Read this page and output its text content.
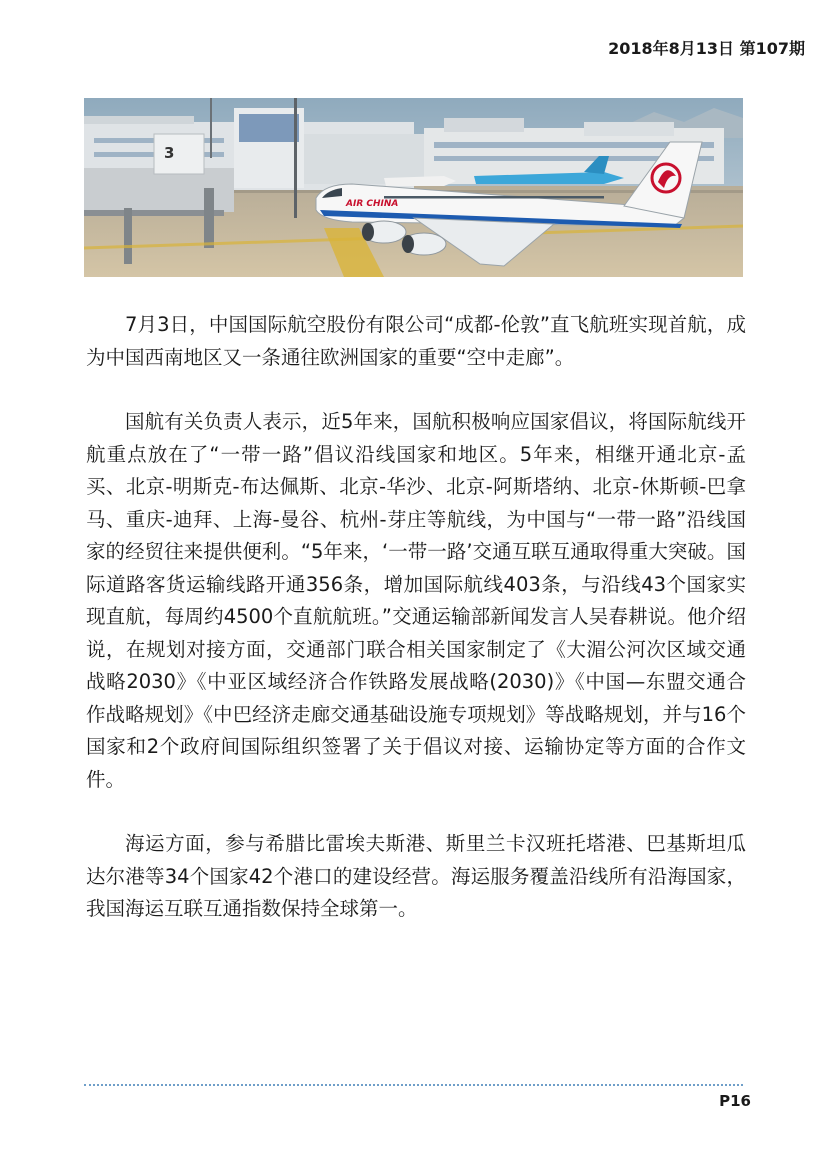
2018年8月13日 第107期
3
AIR CHINA

7月3日，中国国际航空股份有限公司“成都-伦敦”直飞航班实现首航，成为中国西南地区又一条通往欧洲国家的重要“空中走廊”。

国航有关负责人表示，近5年来，国航积极响应国家倡议，将国际航线开航重点放在了“一带一路”倡议沿线国家和地区。5年来，相继开通北京-孟买、北京-明斯克-布达佩斯、北京-华沙、北京-阿斯塔纳、北京-休斯顿-巴拿马、重庆-迪拜、上海-曼谷、杭州-芽庄等航线，为中国与“一带一路”沿线国家的经贸往来提供便利。“5年来，‘一带一路’交通互联互通取得重大突破。国际道路客货运输线路开通356条，增加国际航线403条，与沿线43个国家实现直航，每周约4500个直航航班。”交通运输部新闻发言人吴春耕说。他介绍说，在规划对接方面，交通部门联合相关国家制定了《大湄公河次区域交通战略2030》《中亚区域经济合作铁路发展战略(2030)》《中国—东盟交通合作战略规划》《中巴经济走廊交通基础设施专项规划》等战略规划，并与16个国家和2个政府间国际组织签署了关于倡议对接、运输协定等方面的合作文件。

海运方面，参与希腊比雷埃夫斯港、斯里兰卡汉班托塔港、巴基斯坦瓜达尔港等34个国家42个港口的建设经营。海运服务覆盖沿线所有沿海国家，我国海运互联互通指数保持全球第一。

P16
